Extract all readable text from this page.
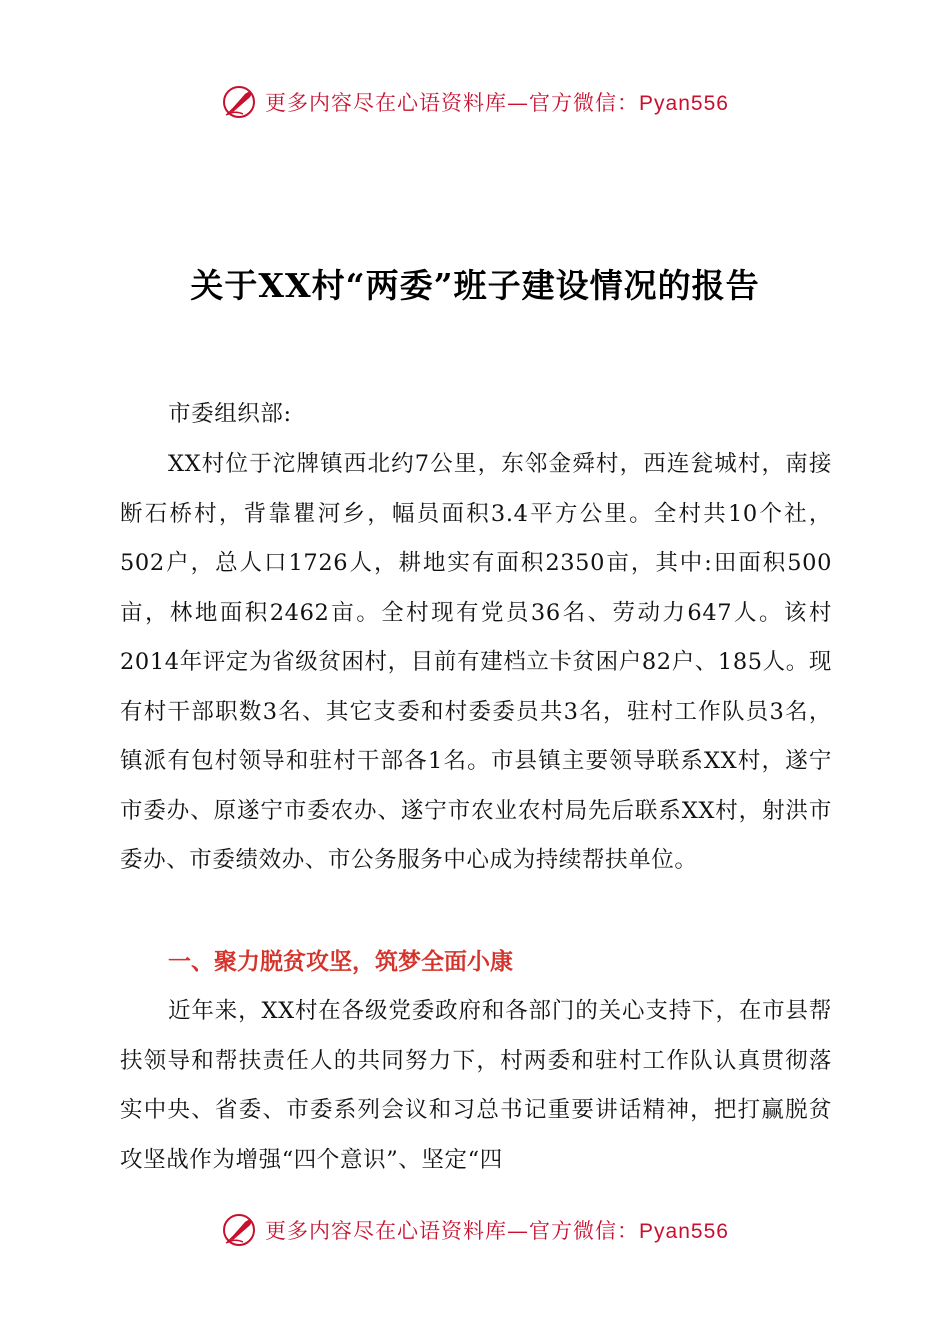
更多内容尽在心语资料库—官方微信：Pyan556
关于XX村“两委”班子建设情况的报告
市委组织部:
XX村位于沱牌镇西北约7公里，东邻金舜村，西连瓮城村，南接断石桥村，背靠瞿河乡，幅员面积3.4平方公里。全村共10个社，502户，总人口1726人，耕地实有面积2350亩，其中:田面积500亩，林地面积2462亩。全村现有党员36名、劳动力647人。该村2014年评定为省级贫困村，目前有建档立卡贫困户82户、185人。现有村干部职数3名、其它支委和村委委员共3名，驻村工作队员3名，镇派有包村领导和驻村干部各1名。市县镇主要领导联系XX村，遂宁市委办、原遂宁市委农办、遂宁市农业农村局先后联系XX村，射洪市委办、市委绩效办、市公务服务中心成为持续帮扶单位。
一、聚力脱贫攻坚，筑梦全面小康
近年来，XX村在各级党委政府和各部门的关心支持下，在市县帮扶领导和帮扶责任人的共同努力下，村两委和驻村工作队认真贯彻落实中央、省委、市委系列会议和习总书记重要讲话精神，把打赢脱贫攻坚战作为增强“四个意识”、坚定“四
更多内容尽在心语资料库—官方微信：Pyan556
